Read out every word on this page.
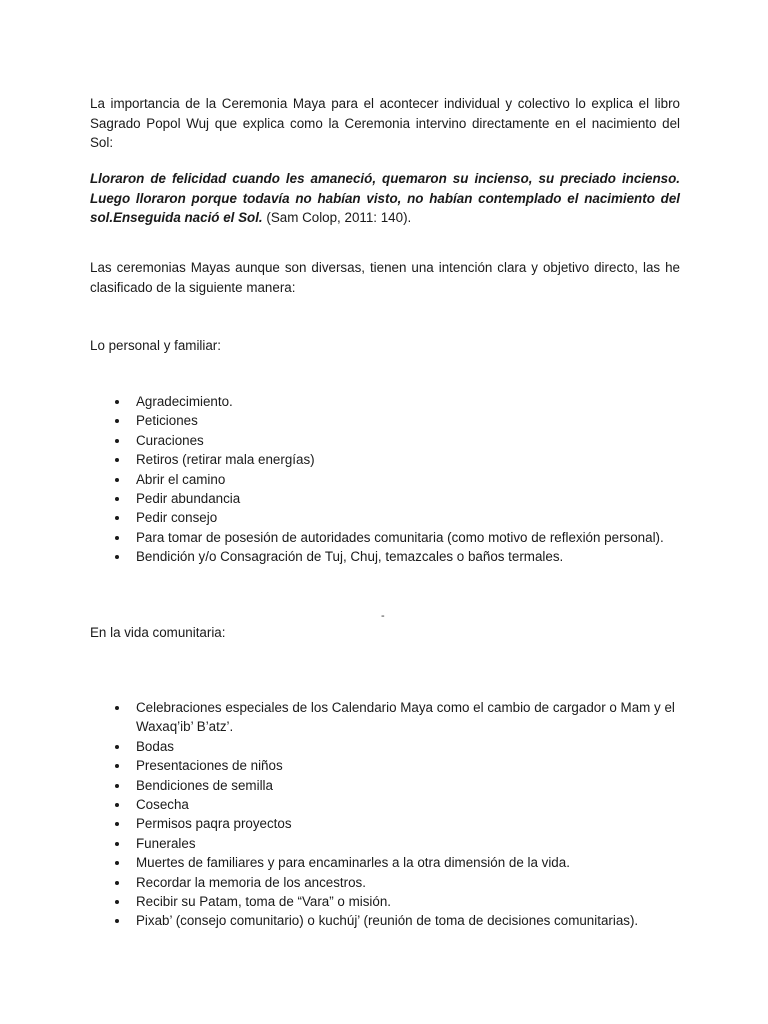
La importancia de la Ceremonia Maya para el acontecer individual y colectivo lo explica el libro Sagrado Popol Wuj que explica como la Ceremonia intervino directamente en el nacimiento del Sol:

Lloraron de felicidad cuando les amaneció, quemaron su incienso, su preciado incienso. Luego lloraron porque todavía no habían visto, no habían contemplado el nacimiento del sol.Enseguida nació el Sol. (Sam Colop, 2011: 140).

Las ceremonias Mayas aunque son diversas, tienen una intención clara y objetivo directo, las he clasificado de la siguiente manera:

Lo personal y familiar:

Agradecimiento.
Peticiones
Curaciones
Retiros (retirar mala energías)
Abrir el camino
Pedir abundancia
Pedir consejo
Para tomar de posesión de autoridades comunitaria (como motivo de reflexión personal).
Bendición y/o Consagración de Tuj, Chuj, temazcales o baños termales.
-

En la vida comunitaria:

Celebraciones especiales de los Calendario Maya como el cambio de cargador o Mam y el Waxaq’ib’ B’atz’.
Bodas
Presentaciones de niños
Bendiciones de semilla
Cosecha
Permisos paqra proyectos
Funerales
Muertes de familiares y para encaminarles a la otra dimensión de la vida.
Recordar la memoria de los ancestros.
Recibir su Patam, toma de “Vara” o misión.
Pixab’ (consejo comunitario) o kuchúj’ (reunión de toma de decisiones comunitarias).
